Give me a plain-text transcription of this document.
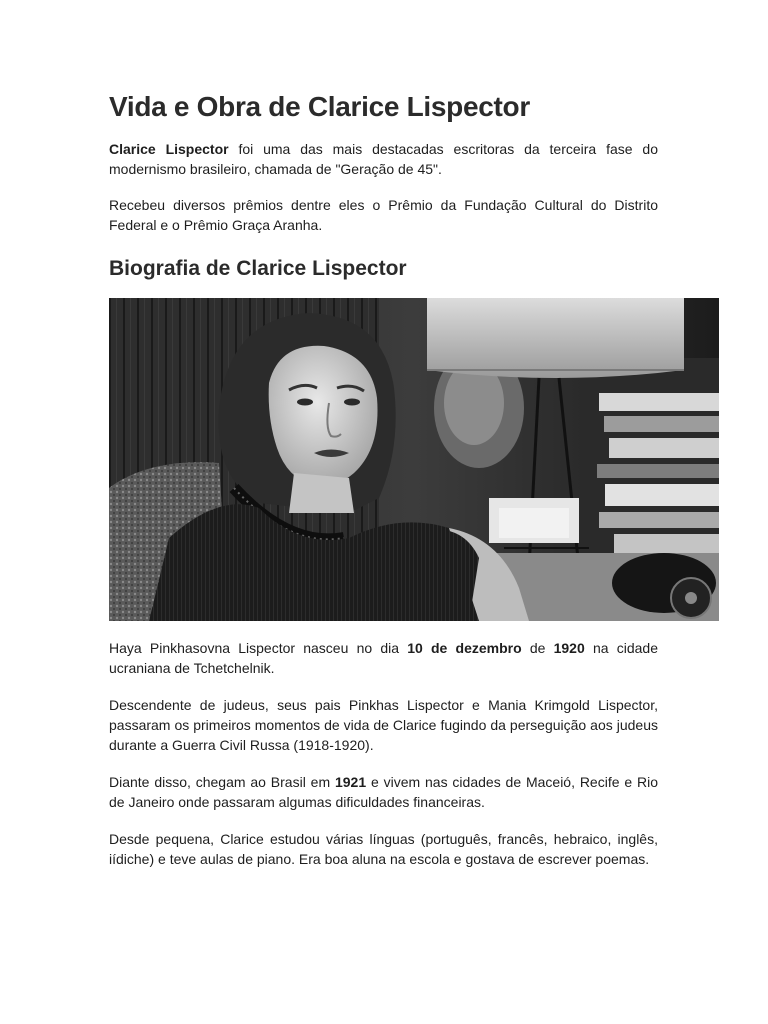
Vida e Obra de Clarice Lispector

Clarice Lispector foi uma das mais destacadas escritoras da terceira fase do modernismo brasileiro, chamada de "Geração de 45".

Recebeu diversos prêmios dentre eles o Prêmio da Fundação Cultural do Distrito Federal e o Prêmio Graça Aranha.

Biografia de Clarice Lispector

Haya Pinkhasovna Lispector nasceu no dia 10 de dezembro de 1920 na cidade ucraniana de Tchetchelnik.

Descendente de judeus, seus pais Pinkhas Lispector e Mania Krimgold Lispector, passaram os primeiros momentos de vida de Clarice fugindo da perseguição aos judeus durante a Guerra Civil Russa (1918-1920).

Diante disso, chegam ao Brasil em 1921 e vivem nas cidades de Maceió, Recife e Rio de Janeiro onde passaram algumas dificuldades financeiras.

Desde pequena, Clarice estudou várias línguas (português, francês, hebraico, inglês, iídiche) e teve aulas de piano. Era boa aluna na escola e gostava de escrever poemas.
